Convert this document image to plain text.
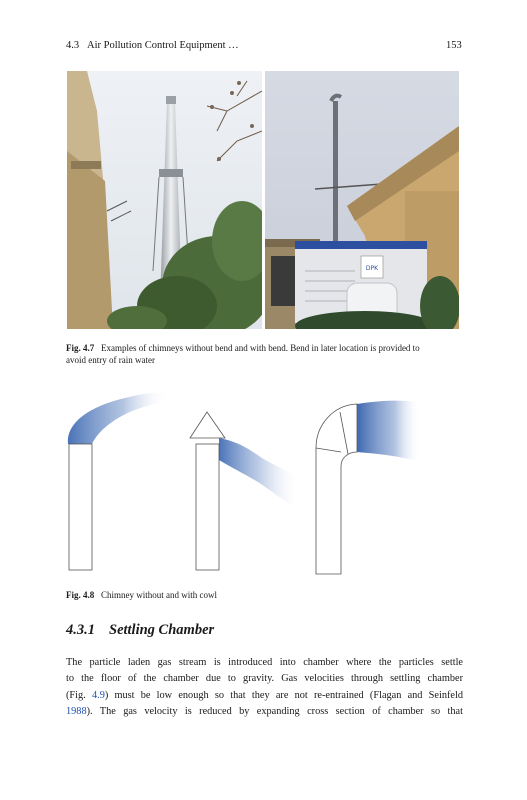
4.3 Air Pollution Control Equipment …	153
DPK
Fig. 4.7 Examples of chimneys without bend and with bend. Bend in later location is provided to
avoid entry of rain water
Fig. 4.8 Chimney without and with cowl
4.3.1 Settling Chamber
The particle laden gas stream is introduced into chamber where the particles settle
to the floor of the chamber due to gravity. Gas velocities through settling chamber
(Fig. 4.9) must be low enough so that they are not re-entrained (Flagan and Seinfeld
1988). The gas velocity is reduced by expanding cross section of chamber so that
